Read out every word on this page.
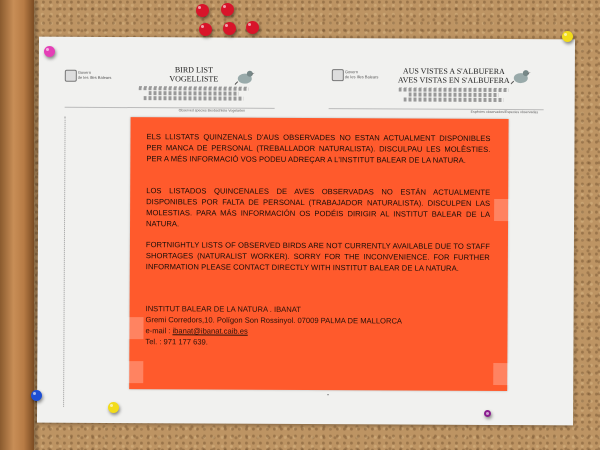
Govern
de les Illes Balears
BIRD LIST
VOGELLISTE
Observed species Beobachtete Vogelarten
Govern
de les Illes Balears
AUS VISTES A S'ALBUFERA
AVES VISTAS EN S'ALBUFERA
Espècies observades/Especies observadas

ELS LLISTATS QUINZENALS D'AUS OBSERVADES NO ESTAN ACTUALMENT DISPONIBLES PER MANCA DE PERSONAL (TREBALLADOR NATURALISTA). DISCULPAU LES MOLÈSTIES. PER A MÉS INFORMACIÓ VOS PODEU ADREÇAR A L'INSTITUT BALEAR DE LA NATURA.

LOS LISTADOS QUINCENALES DE AVES OBSERVADAS NO ESTÁN ACTUALMENTE DISPONIBLES POR FALTA DE PERSONAL (TRABAJADOR NATURALISTA). DISCULPEN LAS MOLESTIAS. PARA MÁS INFORMACIÓN OS PODÉIS DIRIGIR AL INSTITUT BALEAR DE LA NATURA.

FORTNIGHTLY LISTS OF OBSERVED BIRDS ARE NOT CURRENTLY AVAILABLE DUE TO STAFF SHORTAGES (NATURALIST WORKER). SORRY FOR THE INCONVENIENCE. FOR FURTHER INFORMATION PLEASE CONTACT DIRECTLY WITH INSTITUT BALEAR DE LA NATURA.

INSTITUT BALEAR DE LA NATURA . IBANAT
Gremi Corredors,10. Polígon Son Rossinyol. 07009 PALMA DE MALLORCA
e-mail : ibanat@ibanat.caib.es
Tel. : 971 177 639.
▪
